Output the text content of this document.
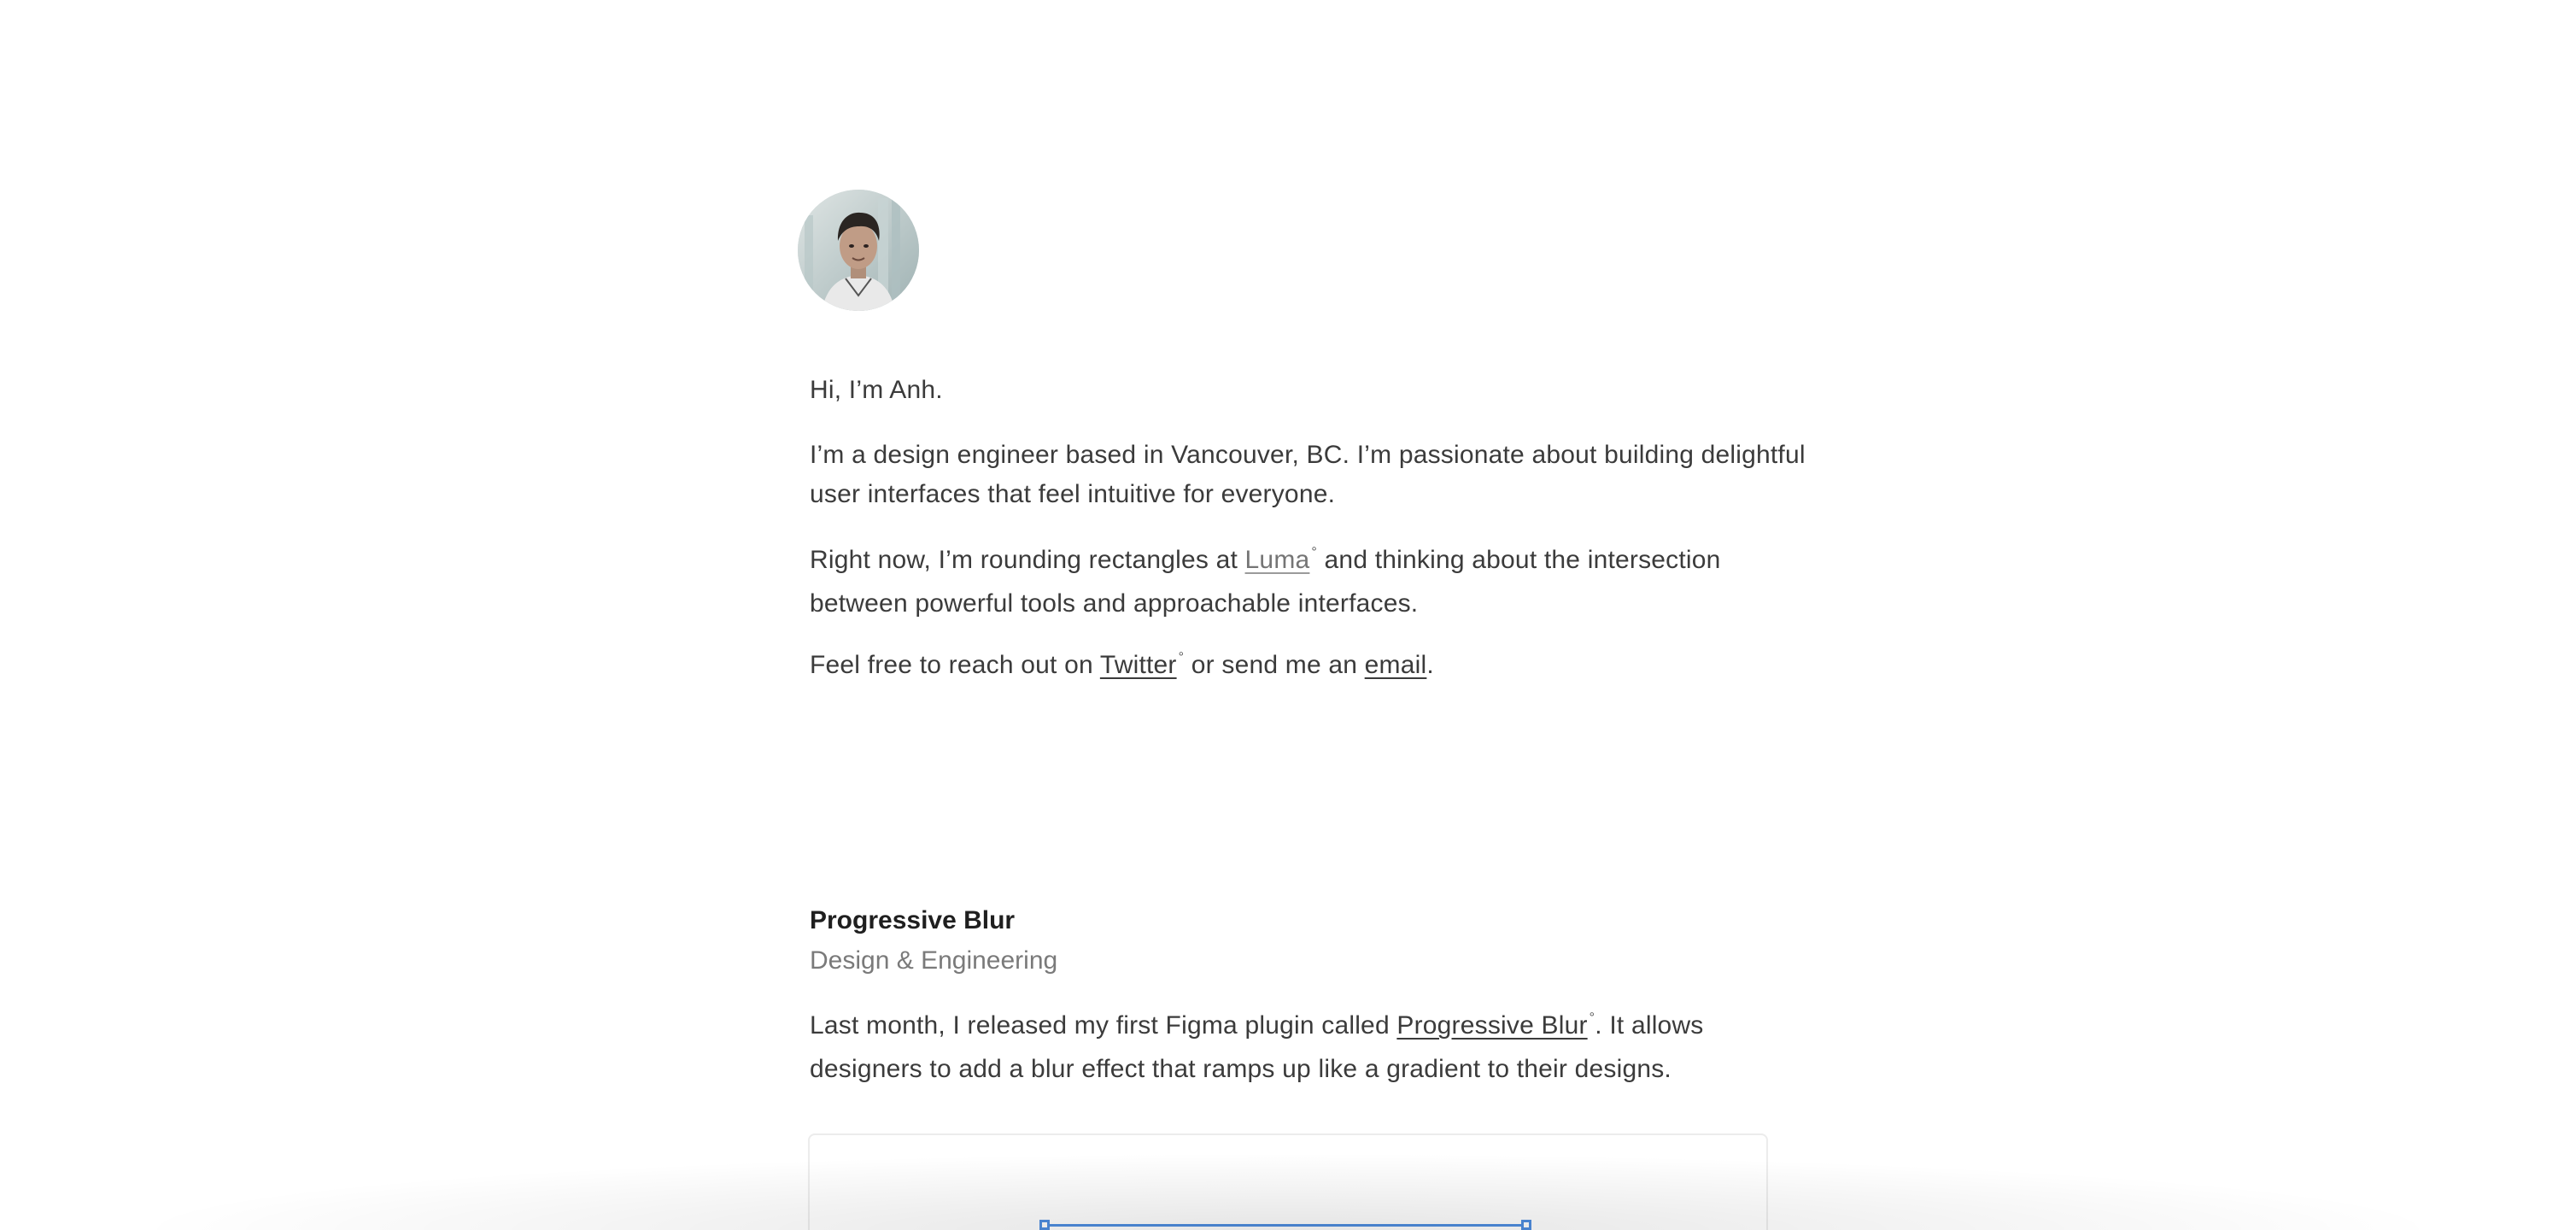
Hi, I’m Anh.

I’m a design engineer based in Vancouver, BC. I’m passionate about building delightful
user interfaces that feel intuitive for everyone.

Right now, I’m rounding rectangles at Luma ° and thinking about the intersection
between powerful tools and approachable interfaces.

Feel free to reach out on Twitter ° or send me an email.

Progressive Blur

Design & Engineering

Last month, I released my first Figma plugin called Progressive Blur °. It allows
designers to add a blur effect that ramps up like a gradient to their designs.
